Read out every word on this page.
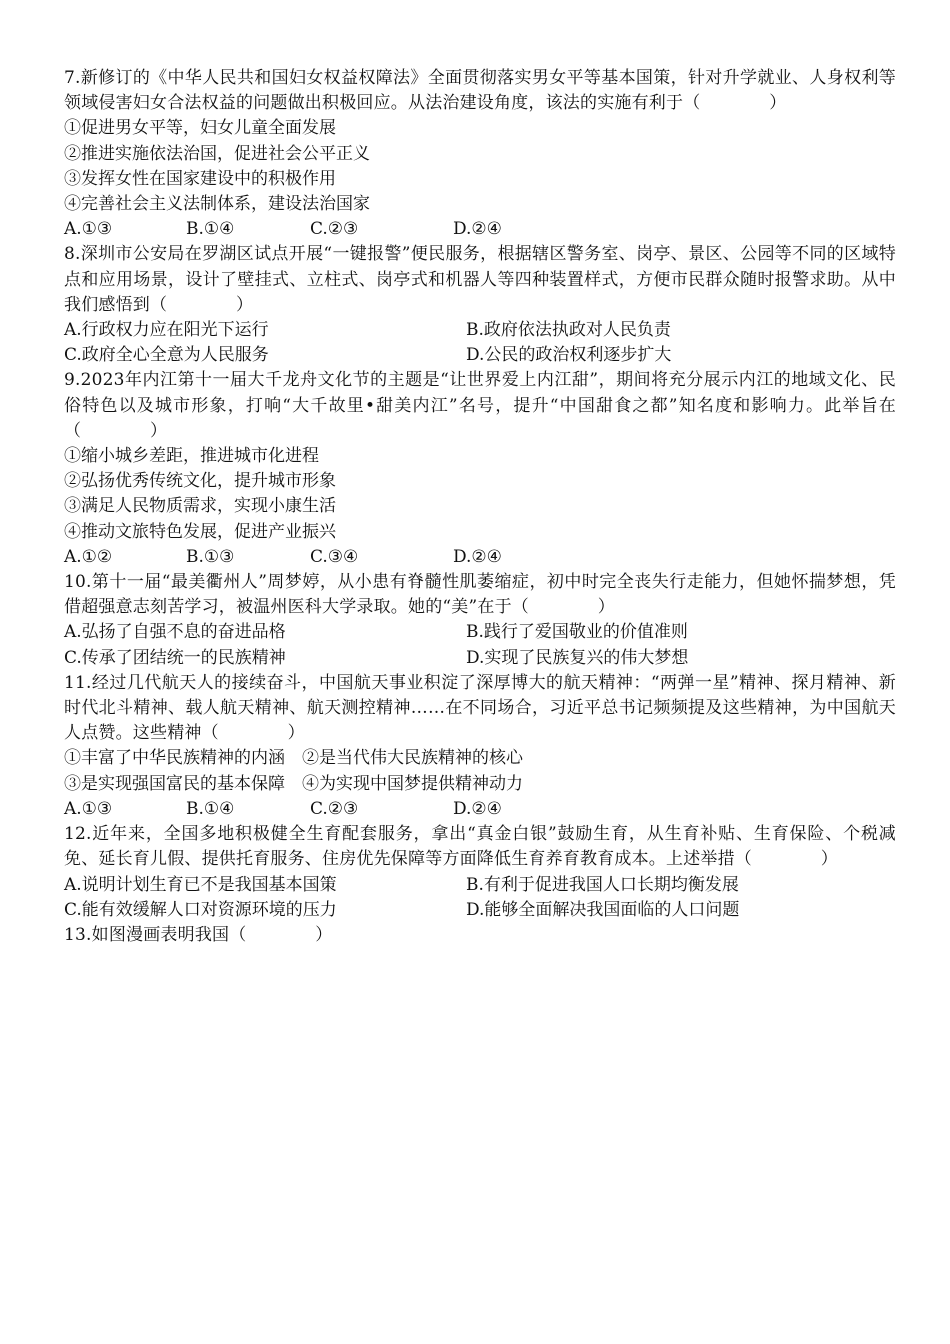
7.新修订的《中华人民共和国妇女权益权障法》全面贯彻落实男女平等基本国策，针对升学就业、人身权利等领域侵害妇女合法权益的问题做出积极回应。从法治建设角度，该法的实施有利于（　　　　）

①促进男女平等，妇女儿童全面发展

②推进实施依法治国，促进社会公平正义

③发挥女性在国家建设中的积极作用

④完善社会主义法制体系，建设法治国家

A.①③	B.①④	C.②③	D.②④

8.深圳市公安局在罗湖区试点开展“一键报警”便民服务，根据辖区警务室、岗亭、景区、公园等不同的区域特点和应用场景，设计了壁挂式、立柱式、岗亭式和机器人等四种装置样式，方便市民群众随时报警求助。从中我们感悟到（　　　　）

A.行政权力应在阳光下运行	B.政府依法执政对人民负责
C.政府全心全意为人民服务	D.公民的政治权利逐步扩大

9.2023年内江第十一届大千龙舟文化节的主题是“让世界爱上内江甜”，期间将充分展示内江的地域文化、民俗特色以及城市形象，打响“大千故里•甜美内江”名号，提升“中国甜食之都”知名度和影响力。此举旨在（　　　　）

①缩小城乡差距，推进城市化进程

②弘扬优秀传统文化，提升城市形象

③满足人民物质需求，实现小康生活

④推动文旅特色发展，促进产业振兴

A.①②	B.①③	C.③④	D.②④

10.第十一届“最美衢州人”周梦婷，从小患有脊髓性肌萎缩症，初中时完全丧失行走能力，但她怀揣梦想，凭借超强意志刻苦学习，被温州医科大学录取。她的“美”在于（　　　　）

A.弘扬了自强不息的奋进品格	B.践行了爱国敬业的价值准则
C.传承了团结统一的民族精神	D.实现了民族复兴的伟大梦想

11.经过几代航天人的接续奋斗，中国航天事业积淀了深厚博大的航天精神：“两弹一星”精神、探月精神、新时代北斗精神、载人航天精神、航天测控精神……在不同场合，习近平总书记频频提及这些精神，为中国航天人点赞。这些精神（　　　　）

①丰富了中华民族精神的内涵　②是当代伟大民族精神的核心

③是实现强国富民的基本保障　④为实现中国梦提供精神动力

A.①③	B.①④	C.②③	D.②④

12.近年来，全国多地积极健全生育配套服务，拿出“真金白银”鼓励生育，从生育补贴、生育保险、个税减免、延长育儿假、提供托育服务、住房优先保障等方面降低生育养育教育成本。上述举措（　　　　）

A.说明计划生育已不是我国基本国策	B.有利于促进我国人口长期均衡发展
C.能有效缓解人口对资源环境的压力	D.能够全面解决我国面临的人口问题

13.如图漫画表明我国（　　　　）
